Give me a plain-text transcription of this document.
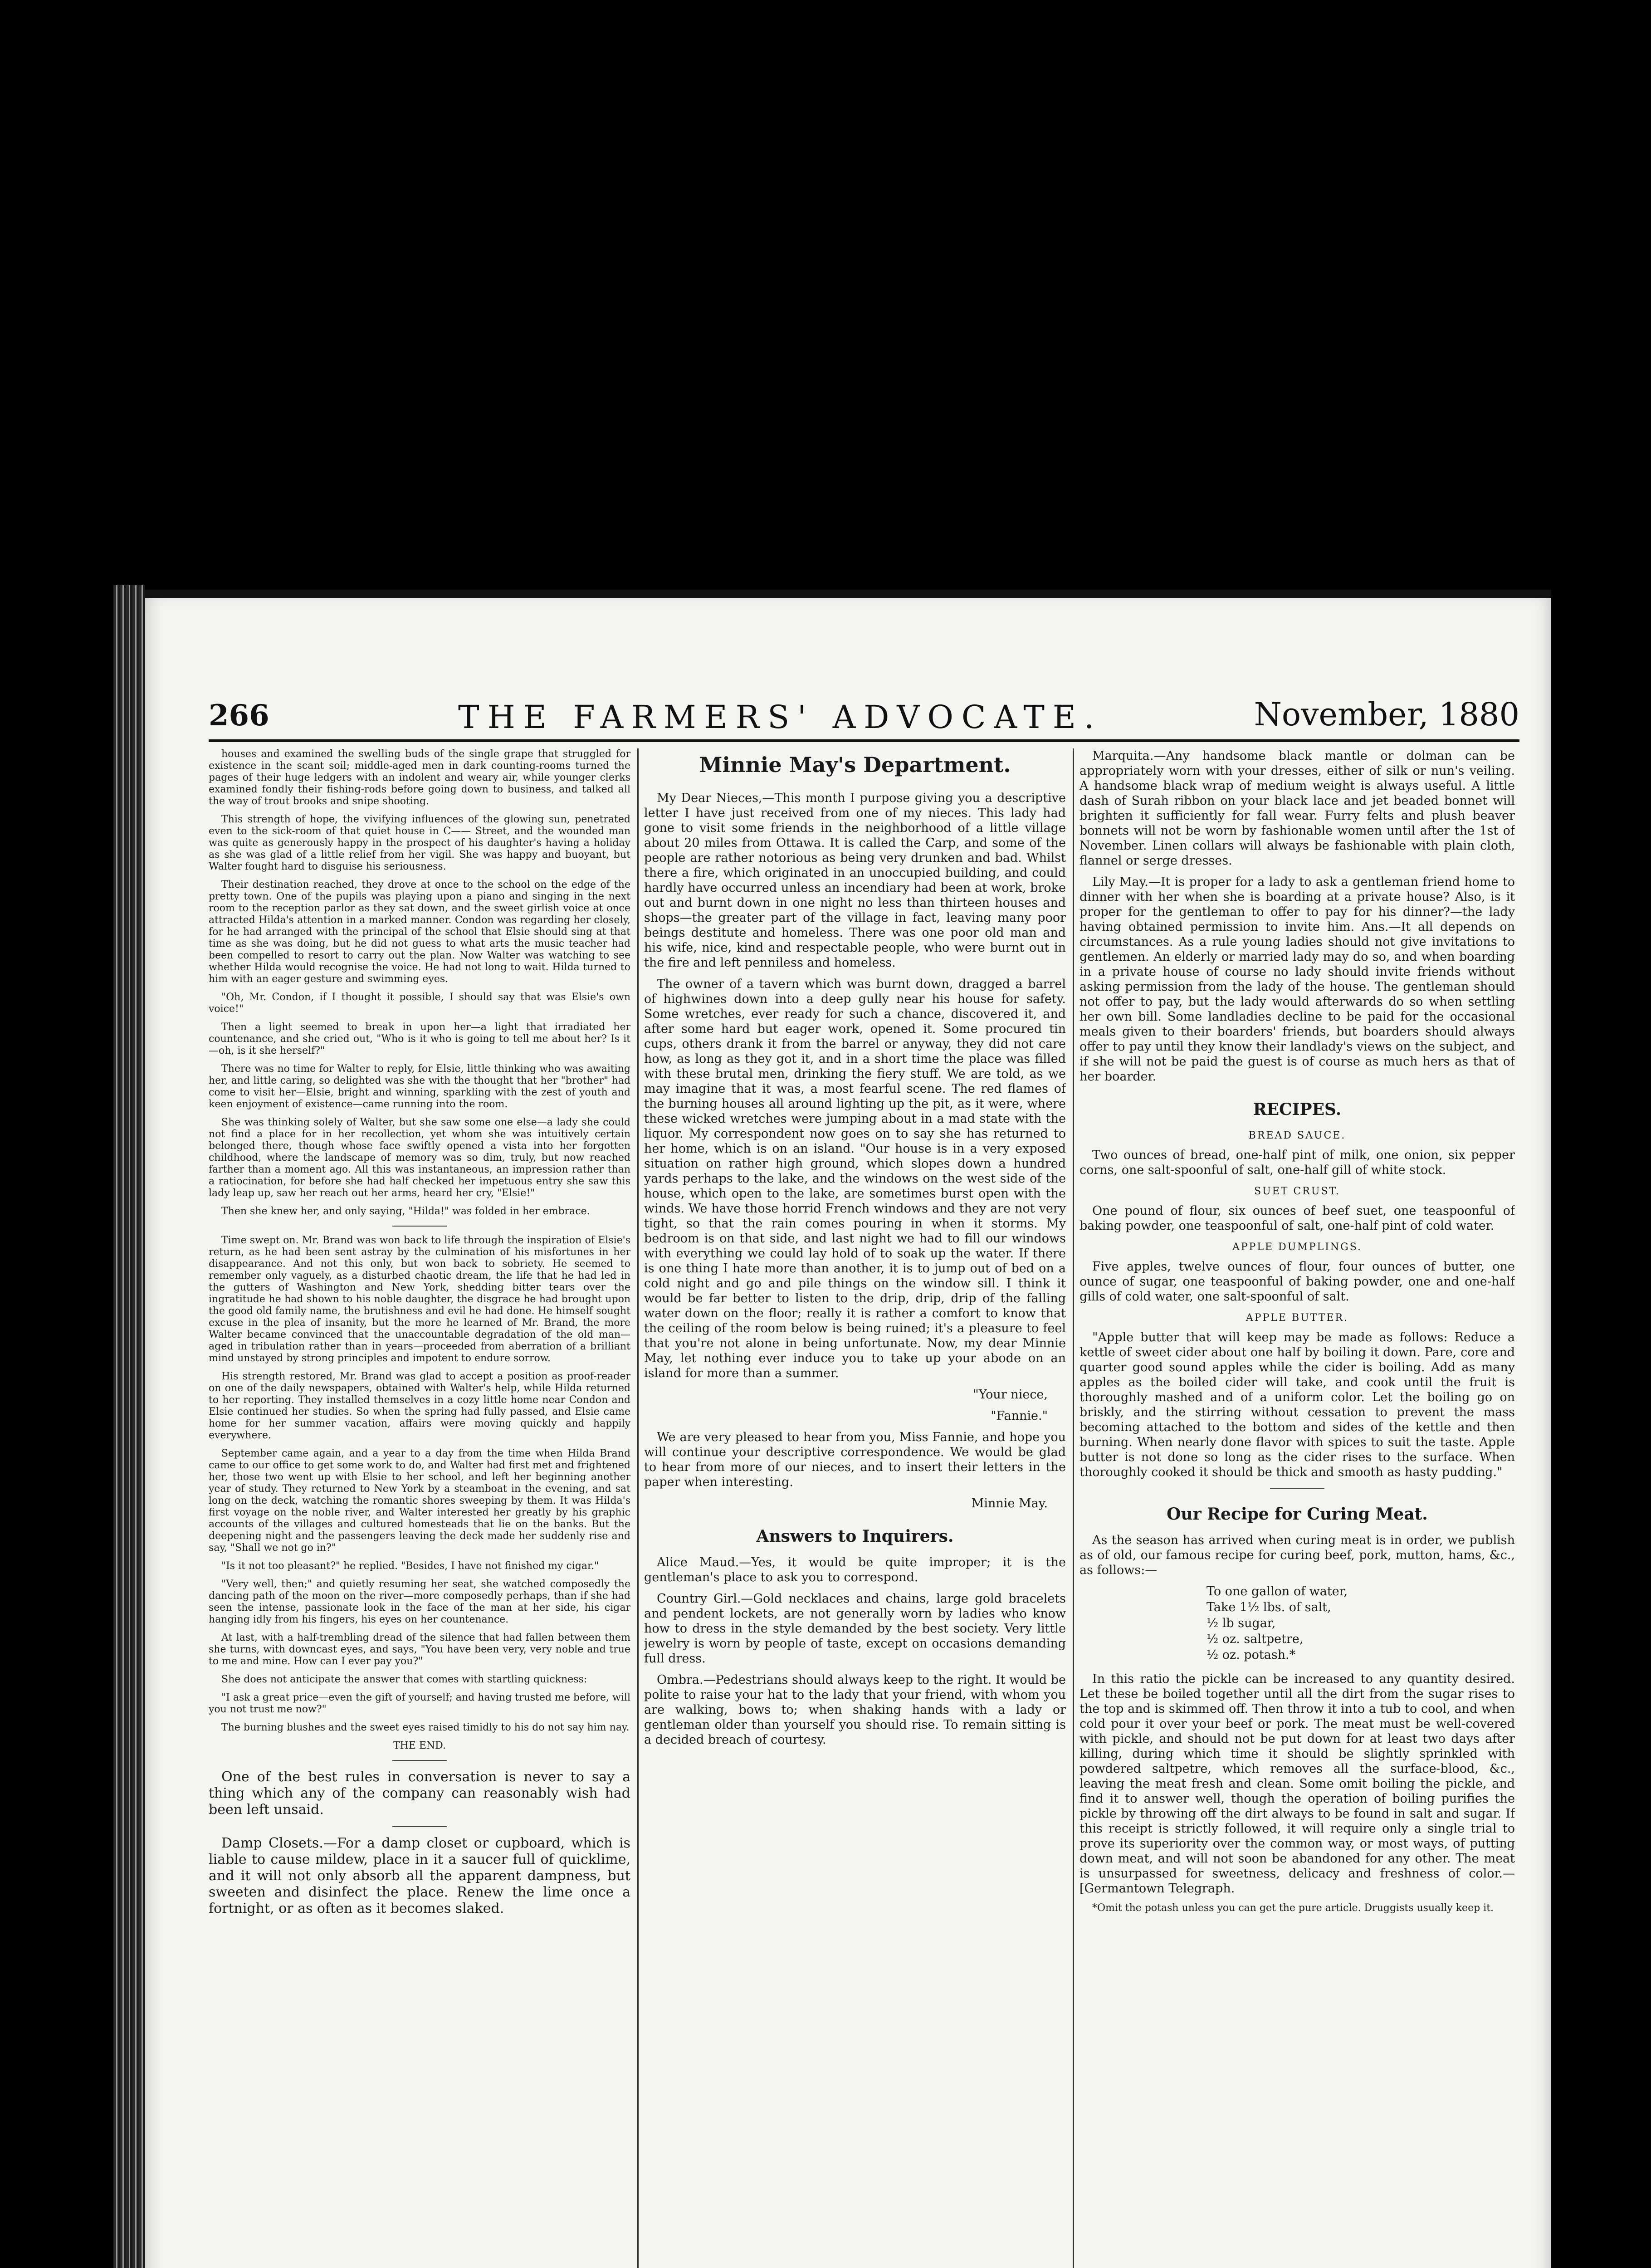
266	THE FARMERS' ADVOCATE.	November, 1880

houses and examined the swelling buds of the single grape that struggled for existence in the scant soil; middle-aged men in dark counting-rooms turned the pages of their huge ledgers with an indolent and weary air, while younger clerks examined fondly their fishing-rods before going down to business, and talked all the way of trout brooks and snipe shooting.

This strength of hope, the vivifying influences of the glowing sun, penetrated even to the sick-room of that quiet house in C—— Street, and the wounded man was quite as generously happy in the prospect of his daughter's having a holiday as she was glad of a little relief from her vigil. She was happy and buoyant, but Walter fought hard to disguise his seriousness.

Their destination reached, they drove at once to the school on the edge of the pretty town. One of the pupils was playing upon a piano and singing in the next room to the reception parlor as they sat down, and the sweet girlish voice at once attracted Hilda's attention in a marked manner. Condon was regarding her closely, for he had arranged with the principal of the school that Elsie should sing at that time as she was doing, but he did not guess to what arts the music teacher had been compelled to resort to carry out the plan. Now Walter was watching to see whether Hilda would recognise the voice. He had not long to wait. Hilda turned to him with an eager gesture and swimming eyes.

"Oh, Mr. Condon, if I thought it possible, I should say that was Elsie's own voice!"

Then a light seemed to break in upon her—a light that irradiated her countenance, and she cried out, "Who is it who is going to tell me about her? Is it—oh, is it she herself?"

There was no time for Walter to reply, for Elsie, little thinking who was awaiting her, and little caring, so delighted was she with the thought that her "brother" had come to visit her—Elsie, bright and winning, sparkling with the zest of youth and keen enjoyment of existence—came running into the room.

She was thinking solely of Walter, but she saw some one else—a lady she could not find a place for in her recollection, yet whom she was intuitively certain belonged there, though whose face swiftly opened a vista into her forgotten childhood, where the landscape of memory was so dim, truly, but now reached farther than a moment ago. All this was instantaneous, an impression rather than a ratiocination, for before she had half checked her impetuous entry she saw this lady leap up, saw her reach out her arms, heard her cry, "Elsie!"

Then she knew her, and only saying, "Hilda!" was folded in her embrace.

Time swept on. Mr. Brand was won back to life through the inspiration of Elsie's return, as he had been sent astray by the culmination of his misfortunes in her disappearance. And not this only, but won back to sobriety. He seemed to remember only vaguely, as a disturbed chaotic dream, the life that he had led in the gutters of Washington and New York, shedding bitter tears over the ingratitude he had shown to his noble daughter, the disgrace he had brought upon the good old family name, the brutishness and evil he had done. He himself sought excuse in the plea of insanity, but the more he learned of Mr. Brand, the more Walter became convinced that the unaccountable degradation of the old man—aged in tribulation rather than in years—proceeded from aberration of a brilliant mind unstayed by strong principles and impotent to endure sorrow.

His strength restored, Mr. Brand was glad to accept a position as proof-reader on one of the daily newspapers, obtained with Walter's help, while Hilda returned to her reporting. They installed themselves in a cozy little home near Condon and Elsie continued her studies. So when the spring had fully passed, and Elsie came home for her summer vacation, affairs were moving quickly and happily everywhere.

September came again, and a year to a day from the time when Hilda Brand came to our office to get some work to do, and Walter had first met and frightened her, those two went up with Elsie to her school, and left her beginning another year of study. They returned to New York by a steamboat in the evening, and sat long on the deck, watching the romantic shores sweeping by them. It was Hilda's first voyage on the noble river, and Walter interested her greatly by his graphic accounts of the villages and cultured homesteads that lie on the banks. But the deepening night and the passengers leaving the deck made her suddenly rise and say, "Shall we not go in?"

"Is it not too pleasant?" he replied. "Besides, I have not finished my cigar."

"Very well, then;" and quietly resuming her seat, she watched composedly the dancing path of the moon on the river—more composedly perhaps, than if she had seen the intense, passionate look in the face of the man at her side, his cigar hanging idly from his fingers, his eyes on her countenance.

At last, with a half-trembling dread of the silence that had fallen between them she turns, with downcast eyes, and says, "You have been very, very noble and true to me and mine. How can I ever pay you?"

She does not anticipate the answer that comes with startling quickness:

"I ask a great price—even the gift of yourself; and having trusted me before, will you not trust me now?"

The burning blushes and the sweet eyes raised timidly to his do not say him nay.

THE END.

One of the best rules in conversation is never to say a thing which any of the company can reasonably wish had been left unsaid.

Damp Closets.—For a damp closet or cupboard, which is liable to cause mildew, place in it a saucer full of quicklime, and it will not only absorb all the apparent dampness, but sweeten and disinfect the place. Renew the lime once a fortnight, or as often as it becomes slaked.

Minnie May's Department.

My Dear Nieces,—This month I purpose giving you a descriptive letter I have just received from one of my nieces. This lady had gone to visit some friends in the neighborhood of a little village about 20 miles from Ottawa. It is called the Carp, and some of the people are rather notorious as being very drunken and bad. Whilst there a fire, which originated in an unoccupied building, and could hardly have occurred unless an incendiary had been at work, broke out and burnt down in one night no less than thirteen houses and shops—the greater part of the village in fact, leaving many poor beings destitute and homeless. There was one poor old man and his wife, nice, kind and respectable people, who were burnt out in the fire and left penniless and homeless.

The owner of a tavern which was burnt down, dragged a barrel of highwines down into a deep gully near his house for safety. Some wretches, ever ready for such a chance, discovered it, and after some hard but eager work, opened it. Some procured tin cups, others drank it from the barrel or anyway, they did not care how, as long as they got it, and in a short time the place was filled with these brutal men, drinking the fiery stuff. We are told, as we may imagine that it was, a most fearful scene. The red flames of the burning houses all around lighting up the pit, as it were, where these wicked wretches were jumping about in a mad state with the liquor. My correspondent now goes on to say she has returned to her home, which is on an island. "Our house is in a very exposed situation on rather high ground, which slopes down a hundred yards perhaps to the lake, and the windows on the west side of the house, which open to the lake, are sometimes burst open with the winds. We have those horrid French windows and they are not very tight, so that the rain comes pouring in when it storms. My bedroom is on that side, and last night we had to fill our windows with everything we could lay hold of to soak up the water. If there is one thing I hate more than another, it is to jump out of bed on a cold night and go and pile things on the window sill. I think it would be far better to listen to the drip, drip, drip of the falling water down on the floor; really it is rather a comfort to know that the ceiling of the room below is being ruined; it's a pleasure to feel that you're not alone in being unfortunate. Now, my dear Minnie May, let nothing ever induce you to take up your abode on an island for more than a summer.

"Your niece,
"Fannie."

We are very pleased to hear from you, Miss Fannie, and hope you will continue your descriptive correspondence. We would be glad to hear from more of our nieces, and to insert their letters in the paper when interesting.

Minnie May.
Answers to Inquirers.

Alice Maud.—Yes, it would be quite improper; it is the gentleman's place to ask you to correspond.

Country Girl.—Gold necklaces and chains, large gold bracelets and pendent lockets, are not generally worn by ladies who know how to dress in the style demanded by the best society. Very little jewelry is worn by people of taste, except on occasions demanding full dress.

Ombra.—Pedestrians should always keep to the right. It would be polite to raise your hat to the lady that your friend, with whom you are walking, bows to; when shaking hands with a lady or gentleman older than yourself you should rise. To remain sitting is a decided breach of courtesy.

Marquita.—Any handsome black mantle or dolman can be appropriately worn with your dresses, either of silk or nun's veiling. A handsome black wrap of medium weight is always useful. A little dash of Surah ribbon on your black lace and jet beaded bonnet will brighten it sufficiently for fall wear. Furry felts and plush beaver bonnets will not be worn by fashionable women until after the 1st of November. Linen collars will always be fashionable with plain cloth, flannel or serge dresses.

Lily May.—It is proper for a lady to ask a gentleman friend home to dinner with her when she is boarding at a private house? Also, is it proper for the gentleman to offer to pay for his dinner?—the lady having obtained permission to invite him. Ans.—It all depends on circumstances. As a rule young ladies should not give invitations to gentlemen. An elderly or married lady may do so, and when boarding in a private house of course no lady should invite friends without asking permission from the lady of the house. The gentleman should not offer to pay, but the lady would afterwards do so when settling her own bill. Some landladies decline to be paid for the occasional meals given to their boarders' friends, but boarders should always offer to pay until they know their landlady's views on the subject, and if she will not be paid the guest is of course as much hers as that of her boarder.

RECIPES.
BREAD SAUCE.

Two ounces of bread, one-half pint of milk, one onion, six pepper corns, one salt-spoonful of salt, one-half gill of white stock.

SUET CRUST.

One pound of flour, six ounces of beef suet, one teaspoonful of baking powder, one teaspoonful of salt, one-half pint of cold water.

APPLE DUMPLINGS.

Five apples, twelve ounces of flour, four ounces of butter, one ounce of sugar, one teaspoonful of baking powder, one and one-half gills of cold water, one salt-spoonful of salt.

APPLE BUTTER.

"Apple butter that will keep may be made as follows: Reduce a kettle of sweet cider about one half by boiling it down. Pare, core and quarter good sound apples while the cider is boiling. Add as many apples as the boiled cider will take, and cook until the fruit is thoroughly mashed and of a uniform color. Let the boiling go on briskly, and the stirring without cessation to prevent the mass becoming attached to the bottom and sides of the kettle and then burning. When nearly done flavor with spices to suit the taste. Apple butter is not done so long as the cider rises to the surface. When thoroughly cooked it should be thick and smooth as hasty pudding."

Our Recipe for Curing Meat.

As the season has arrived when curing meat is in order, we publish as of old, our famous recipe for curing beef, pork, mutton, hams, &c., as follows:—

To one gallon of water,
Take 1½ lbs. of salt,
½ lb sugar,
½ oz. saltpetre,
½ oz. potash.*

In this ratio the pickle can be increased to any quantity desired. Let these be boiled together until all the dirt from the sugar rises to the top and is skimmed off. Then throw it into a tub to cool, and when cold pour it over your beef or pork. The meat must be well-covered with pickle, and should not be put down for at least two days after killing, during which time it should be slightly sprinkled with powdered saltpetre, which removes all the surface-blood, &c., leaving the meat fresh and clean. Some omit boiling the pickle, and find it to answer well, though the operation of boiling purifies the pickle by throwing off the dirt always to be found in salt and sugar. If this receipt is strictly followed, it will require only a single trial to prove its superiority over the common way, or most ways, of putting down meat, and will not soon be abandoned for any other. The meat is unsurpassed for sweetness, delicacy and freshness of color.—[Germantown Telegraph.

*Omit the potash unless you can get the pure article. Druggists usually keep it.
